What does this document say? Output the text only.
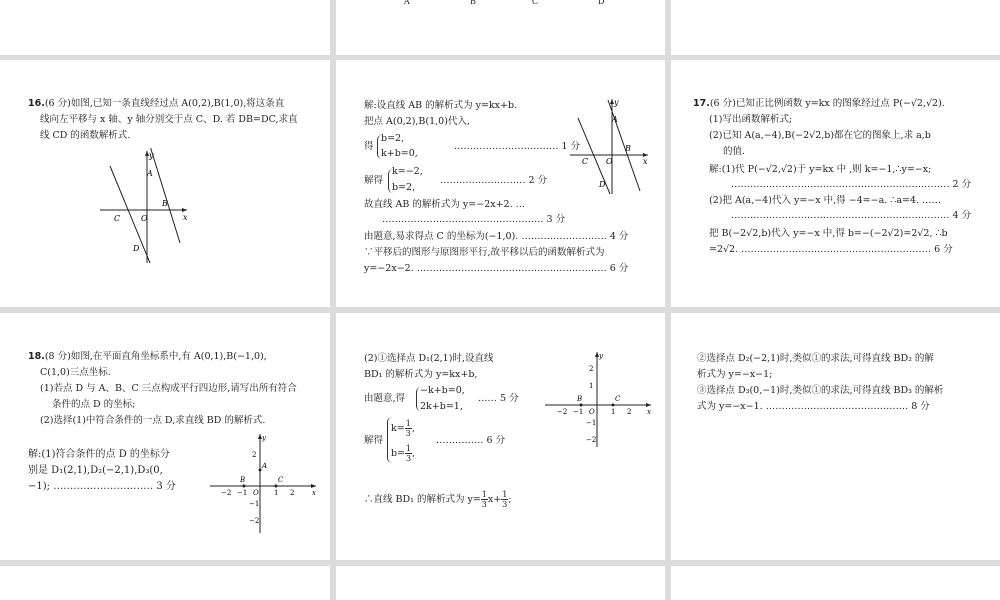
A	B	C	D
16.(6 分)如图,已知一条直线经过点 A(0,2),B(1,0),将这条直
线向左平移与 x 轴、y 轴分别交于点 C、D. 若 DB=DC,求直
线 CD 的函数解析式.
y
A
B
x
C	O
D
解:设直线 AB 的解析式为 y=kx+b.
把点 A(0,2),B(1,0)代入,
得
b=2,
k+b=0,
…………………………… 1 分
解得
k=−2,
b=2,
……………………… 2 分
故直线 AB 的解析式为 y=−2x+2. …
…………………………………………… 3 分
由题意,易求得点 C 的坐标为(−1,0). ……………………… 4 分
∵平移后的图形与原图形平行,故平移以后的函数解析式为
y=−2x−2. …………………………………………………… 6 分
y
A
B
x
C O
D
17.(6 分)已知正比例函数 y=kx 的图象经过点 P(−√2,√2).
(1)写出函数解析式;
(2)已知 A(a,−4),B(−2√2,b)都在它的图象上,求 a,b
的值.
解:(1)代 P(−√2,√2)于 y=kx 中 ,则 k=−1,∴y=−x;
…………………………………………………………… 2 分
(2)把 A(a,−4)代入 y=−x 中,得 −4=−a. ∴a=4. ……
…………………………………………………………… 4 分
把 B(−2√2,b)代入 y=−x 中,得 b=−(−2√2)=2√2, ∴b
=2√2. …………………………………………………… 6 分
18.(8 分)如图,在平面直角坐标系中,有 A(0,1),B(−1,0),
C(1,0)三点坐标.
(1)若点 D 与 A、B、C 三点构成平行四边形,请写出所有符合
条件的点 D 的坐标;
(2)选择(1)中符合条件的一点 D,求直线 BD 的解析式.
解:(1)符合条件的点 D 的坐标分
别是 D₁(2,1),D₂(−2,1),D₃(0,
−1); ………………………… 3 分
y
2
A
B	C
−2 −1 O 1 2	x
−1
−2
(2)①选择点 D₁(2,1)时,设直线
BD₁ 的解析式为 y=kx+b,
由题意,得
−k+b=0,
2k+b=1,
…… 5 分
解得
$k= \frac{1}{3}$ ,
$b= \frac{1}{3}$ ,
…………… 6 分
∴直线 BD₁ 的解析式为 $y= \frac{1}{3} x+ \frac{1}{3}$ ;
y
2
1
B	C
−2 −1 O 1 2 x
−1
−2
②选择点 D₂(−2,1)时,类似①的求法,可得直线 BD₂ 的解
析式为 y=−x−1;
③选择点 D₃(0,−1)时,类似①的求法,可得直线 BD₃ 的解析
式为 y=−x−1. ……………………………………… 8 分
